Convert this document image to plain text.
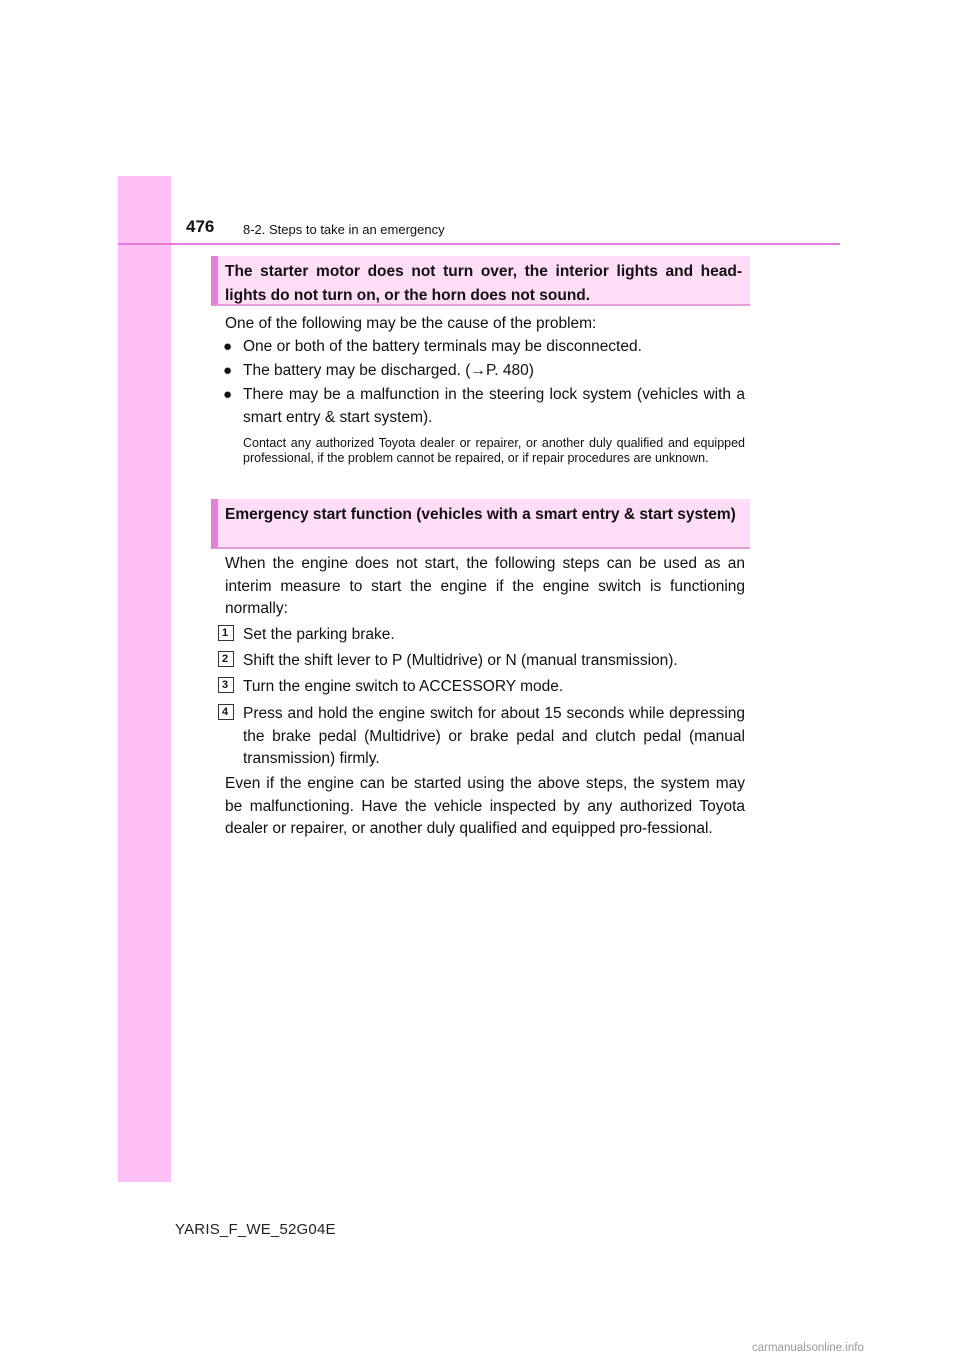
476 8-2. Steps to take in an emergency
The starter motor does not turn over, the interior lights and head-lights do not turn on, or the horn does not sound.
One of the following may be the cause of the problem:
● One or both of the battery terminals may be disconnected.
● The battery may be discharged. (→P. 480)
● There may be a malfunction in the steering lock system (vehicles with a smart entry & start system).
Contact any authorized Toyota dealer or repairer, or another duly qualified and equipped professional, if the problem cannot be repaired, or if repair procedures are unknown.
Emergency start function (vehicles with a smart entry & start system)
When the engine does not start, the following steps can be used as an interim measure to start the engine if the engine switch is functioning normally:
1 Set the parking brake.
2 Shift the shift lever to P (Multidrive) or N (manual transmission).
3 Turn the engine switch to ACCESSORY mode.
4 Press and hold the engine switch for about 15 seconds while depressing the brake pedal (Multidrive) or brake pedal and clutch pedal (manual transmission) firmly.
Even if the engine can be started using the above steps, the system may be malfunctioning. Have the vehicle inspected by any authorized Toyota dealer or repairer, or another duly qualified and equipped pro-fessional.
YARIS_F_WE_52G04E
carmanualsonline.info
